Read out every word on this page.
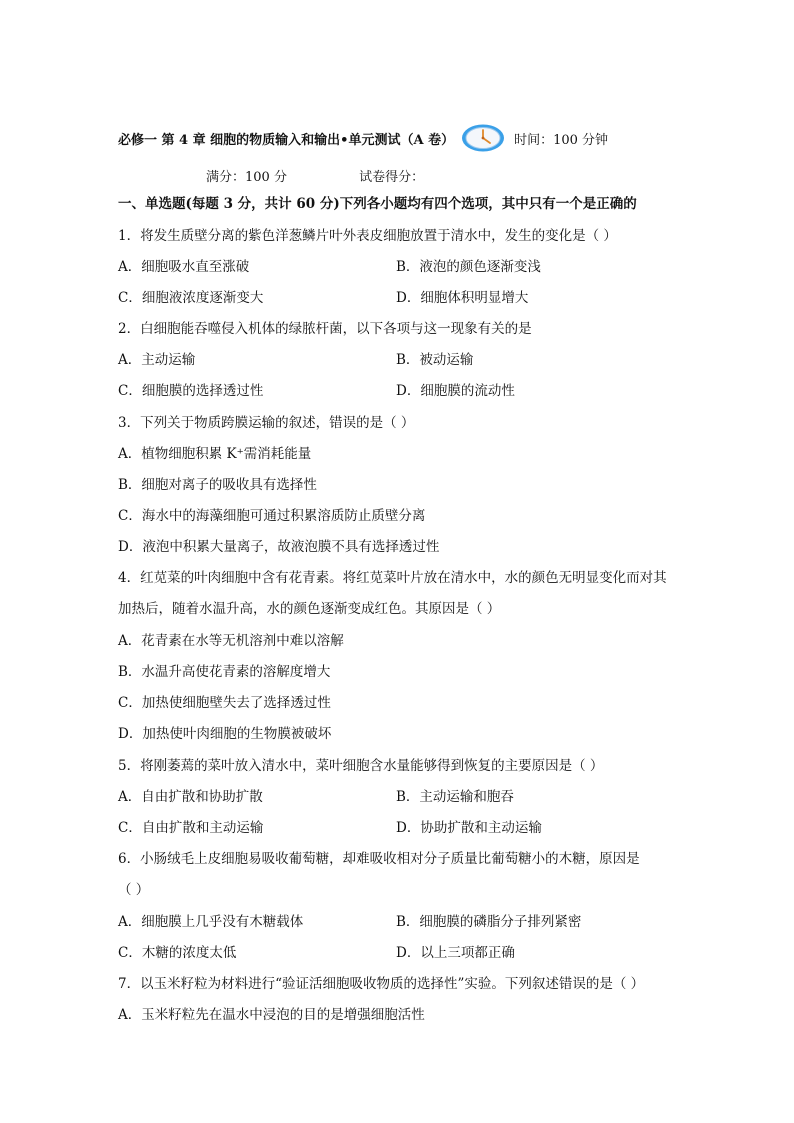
必修一 第 4 章 细胞的物质输入和输出•单元测试（A 卷）	时间：100 分钟
满分：100 分	试卷得分：
一、单选题(每题 3 分，共计 60 分)下列各小题均有四个选项，其中只有一个是正确的
1．将发生质壁分离的紫色洋葱鳞片叶外表皮细胞放置于清水中，发生的变化是（ ）
A．细胞吸水直至涨破	B．液泡的颜色逐渐变浅
C．细胞液浓度逐渐变大	D．细胞体积明显增大
2．白细胞能吞噬侵入机体的绿脓杆菌，以下各项与这一现象有关的是
A．主动运输	B．被动运输
C．细胞膜的选择透过性	D．细胞膜的流动性
3．下列关于物质跨膜运输的叙述，错误的是（ ）
A．植物细胞积累 K⁺需消耗能量
B．细胞对离子的吸收具有选择性
C．海水中的海藻细胞可通过积累溶质防止质壁分离
D．液泡中积累大量离子，故液泡膜不具有选择透过性
4．红苋菜的叶肉细胞中含有花青素。将红苋菜叶片放在清水中，水的颜色无明显变化而对其
加热后，随着水温升高，水的颜色逐渐变成红色。其原因是（ ）
A．花青素在水等无机溶剂中难以溶解
B．水温升高使花青素的溶解度增大
C．加热使细胞壁失去了选择透过性
D．加热使叶肉细胞的生物膜被破坏
5．将刚萎蔫的菜叶放入清水中，菜叶细胞含水量能够得到恢复的主要原因是（ ）
A．自由扩散和协助扩散	B．主动运输和胞吞
C．自由扩散和主动运输	D．协助扩散和主动运输
6．小肠绒毛上皮细胞易吸收葡萄糖，却难吸收相对分子质量比葡萄糖小的木糖，原因是
（ ）
A．细胞膜上几乎没有木糖载体	B．细胞膜的磷脂分子排列紧密
C．木糖的浓度太低	D．以上三项都正确
7．以玉米籽粒为材料进行“验证活细胞吸收物质的选择性”实验。下列叙述错误的是（ ）
A．玉米籽粒先在温水中浸泡的目的是增强细胞活性
